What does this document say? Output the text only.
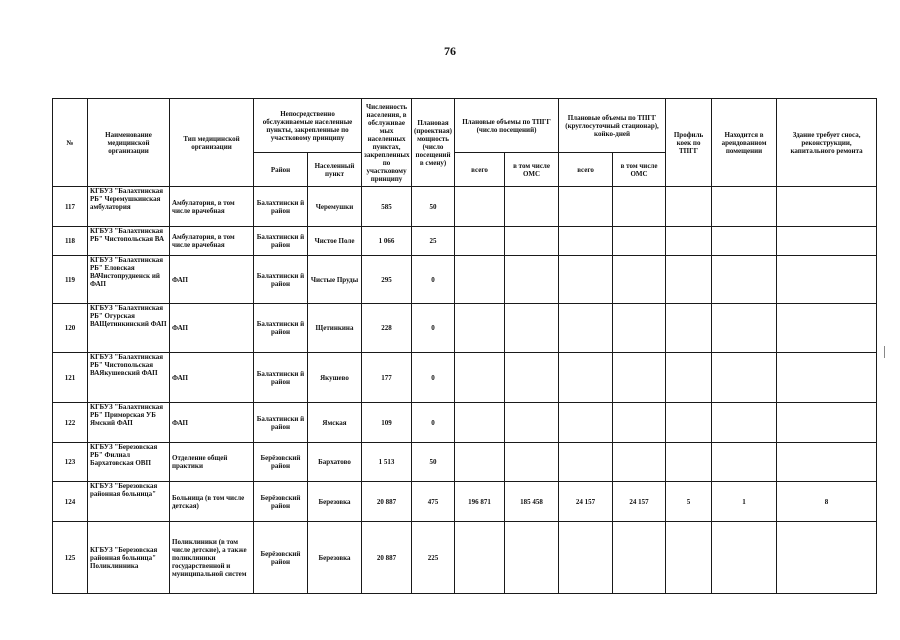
76
№	Наименование медицинской организации	Тип медицинской организации	Непосредственно обслуживаемые населенные пункты, закрепленные по участковому принципу		Численность населения, в обслуживае мых населенных пунктах, закрепленных по участковому принципу	Плановая (проектная) мощность (число посещений в смену)	Плановые объемы по ТПГГ (число посещений)		Плановые объемы по ТПГГ (круглосуточный стационар), койко-дней		Профиль коек по ТПГГ	Находится в арендованном помещении	Здание требует сноса, реконструкции, капитального ремонта
			Район	Населенный пункт			всего	в том числе ОМС	всего	в том числе ОМС			
117	КГБУЗ "Балахтинская РБ" Черемушкинская амбулатория	Амбулатория, в том числе врачебная	Балахтински й район	Черемушки	585	50							
118	КГБУЗ "Балахтинская РБ" Чистопольская ВА	Амбулатория, в том числе врачебная	Балахтински й район	Чистое Поле	1 066	25							
119	КГБУЗ "Балахтинская РБ" Еловская ВАЧистопрудненск ий ФАП	ФАП	Балахтински й район	Чистые Пруды	295	0							
120	КГБУЗ "Балахтинская РБ" Огурская ВАЩетинкинский ФАП	ФАП	Балахтински й район	Щетинкина	228	0							
121	КГБУЗ "Балахтинская РБ" Чистопольская ВАЯкушевский ФАП	ФАП	Балахтински й район	Якушево	177	0							
122	КГБУЗ "Балахтинская РБ" Приморская УБ Ямский ФАП	ФАП	Балахтински й район	Ямская	109	0							
123	КГБУЗ "Березовская РБ" Филиал Бархатовская ОВП	Отделение общей практики	Берёзовский район	Бархатово	1 513	50							
124	КГБУЗ "Березовская районная больница"	Больница (в том числе детская)	Берёзовский район	Березовка	20 887	475	196 871	185 458	24 157	24 157	5	1	8
125	КГБУЗ "Березовская районная больница" Поликлинника	Поликлиники (в том числе детские), а также поликлиники государственной и муниципальной систем	Берёзовский район	Березовка	20 887	225							
